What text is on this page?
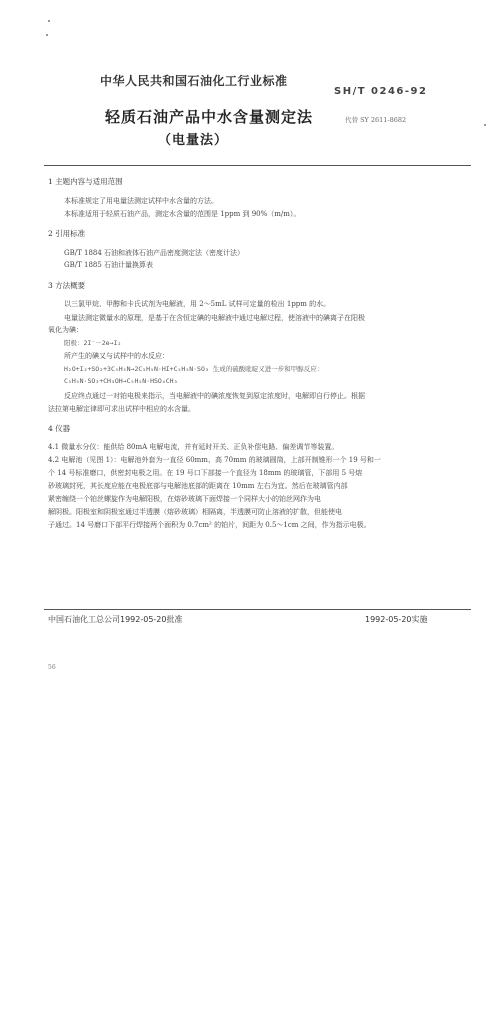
中华人民共和国石油化工行业标准
SH/T 0246-92
轻质石油产品中水含量测定法	代替 SY 2611-8682
（电量法）
1 主题内容与适用范围
本标准规定了用电量法测定试样中水含量的方法。
本标准适用于轻质石油产品，测定水含量的范围是 1ppm 到 90%（m/m）。
2 引用标准
GB/T 1884 石油和液体石油产品密度测定法（密度计法）
GB/T 1885 石油计量换算表
3 方法概要
以三氯甲烷、甲醇和卡氏试剂为电解液，用 2～5mL 试样可定量的检出 1ppm 的水。
电量法测定微量水的原理，是基于在含恒定碘的电解液中通过电解过程，使溶液中的碘离子在阳极
氧化为碘：
阳极：2I⁻－2e→I₂
所产生的碘又与试样中的水反应：
H₂O+I₂+SO₂+3C₅H₅N→2C₅H₅N·HI+C₅H₅N·SO₃ 生成的硫酸吡啶又进一步和甲醇反应：
C₅H₅N·SO₃+CH₃OH→C₅H₅N·HSO₄CH₃
反应终点通过一对铂电极来指示，当电解液中的碘浓度恢复到原定浓度时，电解即自行停止。根据
法拉第电解定律即可求出试样中相应的水含量。
4 仪器
4.1 微量水分仪：能供给 80mA 电解电流，并有延时开关、正负补偿电路、偏差调节等装置。
4.2 电解池（见图 1）：电解池外套为一直径 60mm、高 70mm 的玻璃圆筒，上部开制锥形一个 19 号和一
个 14 号标准磨口，供密封电极之用。在 19 号口下部接一个直径为 18mm 的玻璃管，下部用 5 号熔
砂玻璃封死，其长度应能在电极底部与电解池底部的距离在 10mm 左右为宜。然后在玻璃管内部
紧密缠绕一个铂丝螺旋作为电解阳极，在熔砂玻璃下面焊接一个同样大小的铂丝网作为电
解阴极。阳极室和阴极室通过半透膜（熔砂玻璃）相隔离，半透膜可防止溶液的扩散，但能使电
子通过。14 号磨口下部平行焊接两个面积为 0.7cm² 的铂片，间距为 0.5～1cm 之间，作为指示电极。
中国石油化工总公司1992-05-20批准	1992-05-20实施
56
